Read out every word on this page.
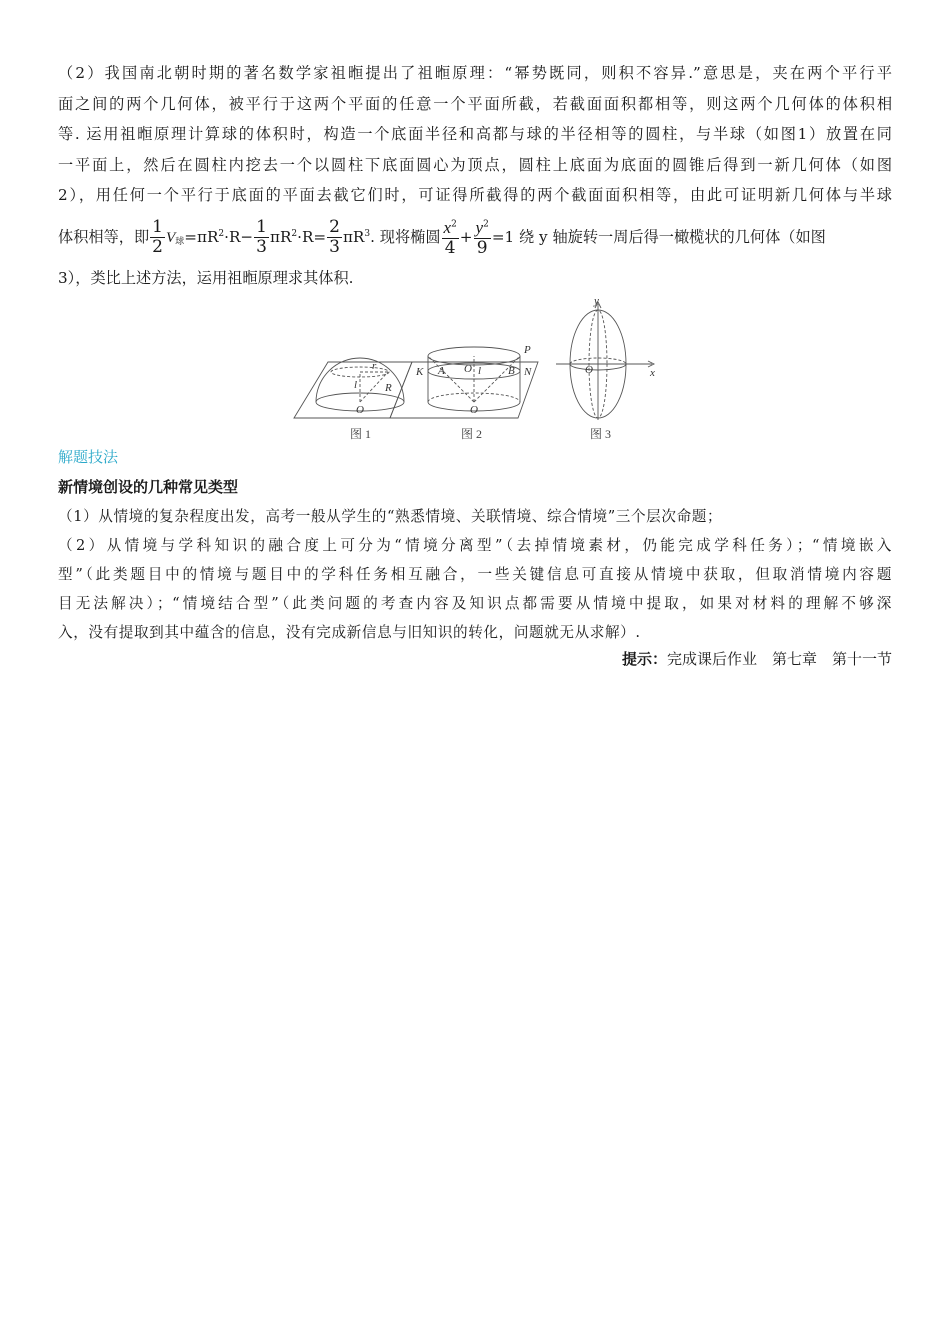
（2）我国南北朝时期的著名数学家祖暅提出了祖暅原理：“幂势既同，则积不容异.”意思是，夹在两个平行平
面之间的两个几何体，被平行于这两个平面的任意一个平面所截，若截面面积都相等，则这两个几何体的体积相
等. 运用祖暅原理计算球的体积时，构造一个底面半径和高都与球的半径相等的圆柱，与半球（如图1）放置在同
一平面上，然后在圆柱内挖去一个以圆柱下底面圆心为顶点，圆柱上底面为底面的圆锥后得到一新几何体（如图
2），用任何一个平行于底面的平面去截它们时，可证得所截得的两个截面面积相等，由此可证明新几何体与半球
体积相等，即 $\frac{1}{2} V_球=\pi R^2\cdot R- \frac{1}{3} \pi R^2\cdot R= \frac{2}{3} \pi R^3$. 现将椭圆 $\frac{x^2}{4} + \frac{y^2}{9} =1$ 绕 y 轴旋转一周后得一橄榄状的几何体（如图
3），类比上述方法，运用祖暅原理求其体积.
r
l	R
O
图 1
P
K A O l B N
O
图 2
y
x
O
图 3
解题技法
新情境创设的几种常见类型
（1）从情境的复杂程度出发，高考一般从学生的“熟悉情境、关联情境、综合情境”三个层次命题；
（2）从情境与学科知识的融合度上可分为“情境分离型”（去掉情境素材，仍能完成学科任务）；“情境嵌入
型”（此类题目中的情境与题目中的学科任务相互融合，一些关键信息可直接从情境中获取，但取消情境内容题
目无法解决）；“情境结合型”（此类问题的考查内容及知识点都需要从情境中提取，如果对材料的理解不够深
入，没有提取到其中蕴含的信息，没有完成新信息与旧知识的转化，问题就无从求解）.
提示：完成课后作业　第七章　第十一节
